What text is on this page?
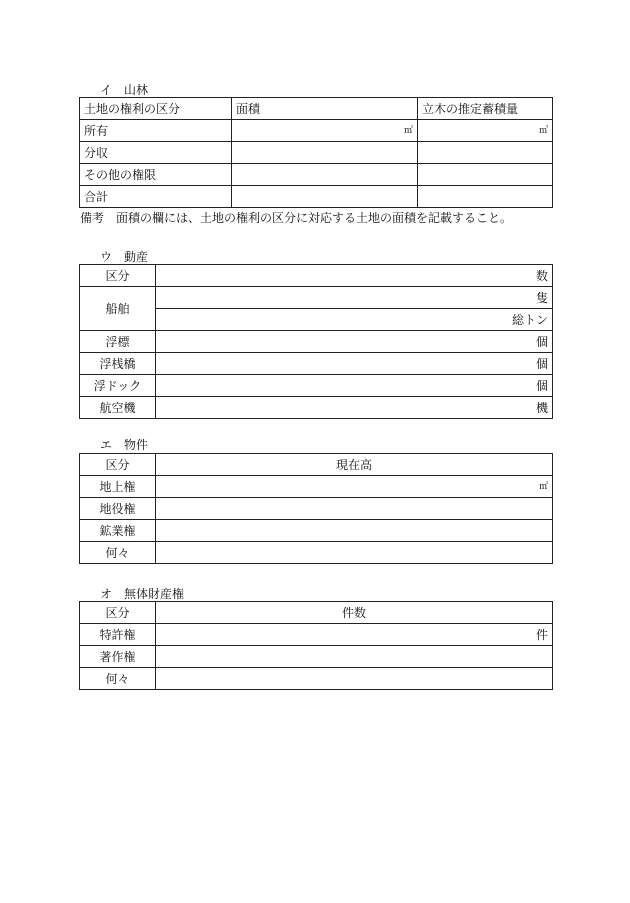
イ　山林
土地の権利の区分	面積	立木の推定蓄積量
所有	㎡	㎥
分収		
その他の権限		
合計		
備考　面積の欄には、土地の権利の区分に対応する土地の面積を記載すること。
ウ　動産
区分	数
船舶	隻
	総トン
浮標	個
浮桟橋	個
浮ドック	個
航空機	機
エ　物件
区分	現在高
地上権	㎡
地役権	
鉱業権	
何々	
オ　無体財産権
区分	件数
特許権	件
著作権	
何々	
